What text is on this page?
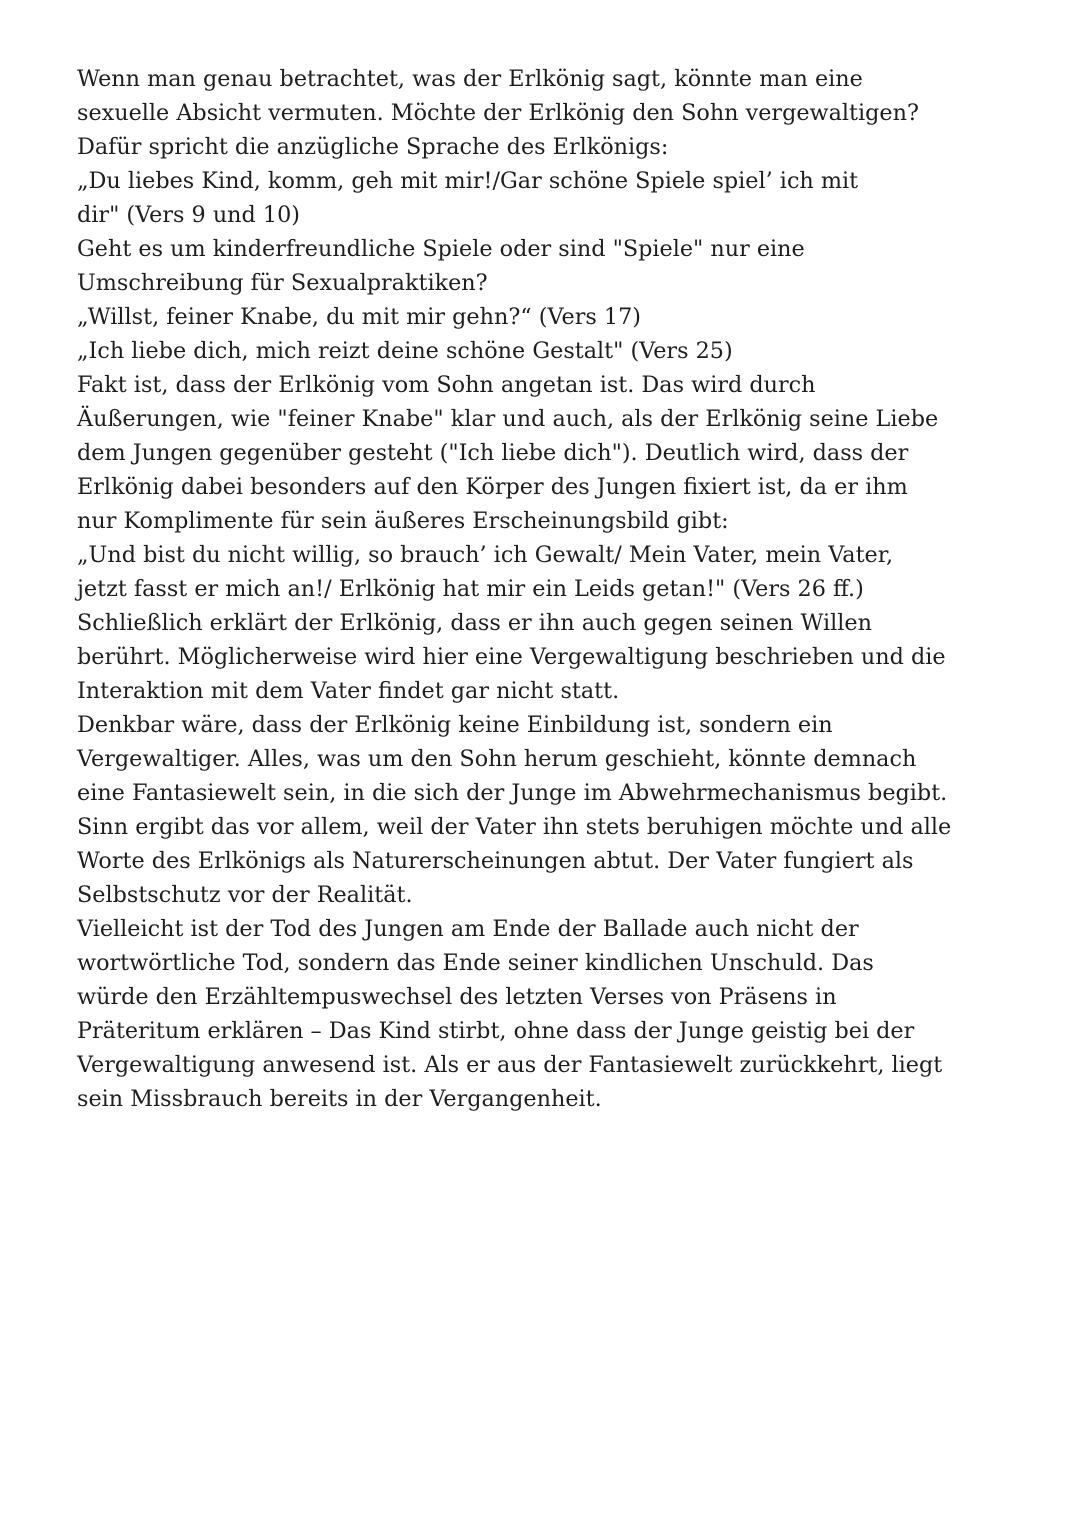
Wenn man genau betrachtet, was der Erlkönig sagt, könnte man eine
sexuelle Absicht vermuten. Möchte der Erlkönig den Sohn vergewaltigen?
Dafür spricht die anzügliche Sprache des Erlkönigs:
„Du liebes Kind, komm, geh mit mir!/Gar schöne Spiele spiel’ ich mit
dir" (Vers 9 und 10)
Geht es um kinderfreundliche Spiele oder sind "Spiele" nur eine
Umschreibung für Sexualpraktiken?
„Willst, feiner Knabe, du mit mir gehn?“ (Vers 17)
„Ich liebe dich, mich reizt deine schöne Gestalt" (Vers 25)
Fakt ist, dass der Erlkönig vom Sohn angetan ist. Das wird durch
Äußerungen, wie "feiner Knabe" klar und auch, als der Erlkönig seine Liebe
dem Jungen gegenüber gesteht ("Ich liebe dich"). Deutlich wird, dass der
Erlkönig dabei besonders auf den Körper des Jungen fixiert ist, da er ihm
nur Komplimente für sein äußeres Erscheinungsbild gibt:
„Und bist du nicht willig, so brauch’ ich Gewalt/ Mein Vater, mein Vater,
jetzt fasst er mich an!/ Erlkönig hat mir ein Leids getan!" (Vers 26 ff.)
Schließlich erklärt der Erlkönig, dass er ihn auch gegen seinen Willen
berührt. Möglicherweise wird hier eine Vergewaltigung beschrieben und die
Interaktion mit dem Vater findet gar nicht statt.
Denkbar wäre, dass der Erlkönig keine Einbildung ist, sondern ein
Vergewaltiger. Alles, was um den Sohn herum geschieht, könnte demnach
eine Fantasiewelt sein, in die sich der Junge im Abwehrmechanismus begibt.
Sinn ergibt das vor allem, weil der Vater ihn stets beruhigen möchte und alle
Worte des Erlkönigs als Naturerscheinungen abtut. Der Vater fungiert als
Selbstschutz vor der Realität.
Vielleicht ist der Tod des Jungen am Ende der Ballade auch nicht der
wortwörtliche Tod, sondern das Ende seiner kindlichen Unschuld. Das
würde den Erzähltempuswechsel des letzten Verses von Präsens in
Präteritum erklären – Das Kind stirbt, ohne dass der Junge geistig bei der
Vergewaltigung anwesend ist. Als er aus der Fantasiewelt zurückkehrt, liegt
sein Missbrauch bereits in der Vergangenheit.
